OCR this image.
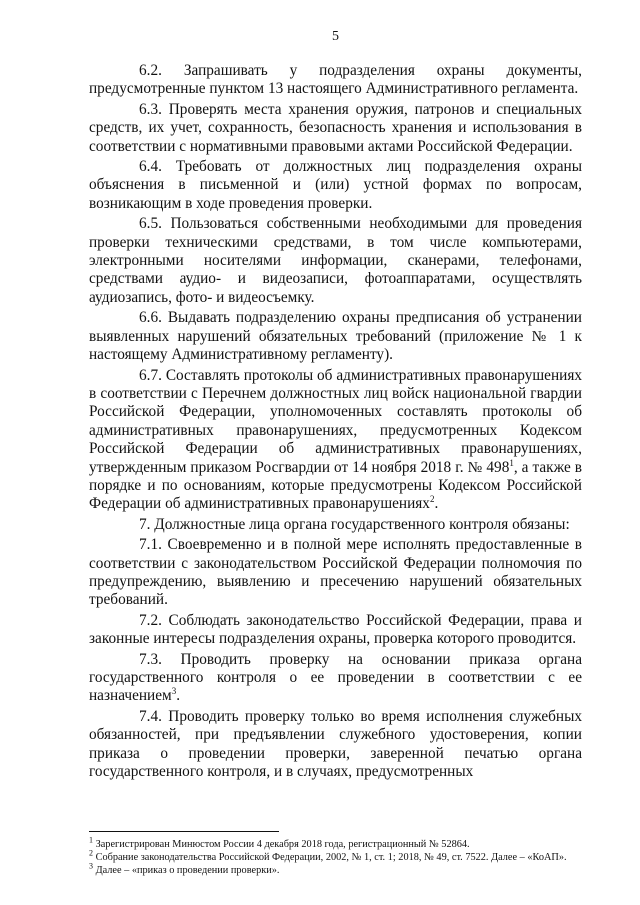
5

6.2. Запрашивать у подразделения охраны документы, предусмотренные пунктом 13 настоящего Административного регламента.

6.3. Проверять места хранения оружия, патронов и специальных средств, их учет, сохранность, безопасность хранения и использования в соответствии с нормативными правовыми актами Российской Федерации.

6.4. Требовать от должностных лиц подразделения охраны объяснения в письменной и (или) устной формах по вопросам, возникающим в ходе проведения проверки.

6.5. Пользоваться собственными необходимыми для проведения проверки техническими средствами, в том числе компьютерами, электронными носителями информации, сканерами, телефонами, средствами аудио- и видеозаписи, фотоаппаратами, осуществлять аудиозапись, фото- и видеосъемку.

6.6. Выдавать подразделению охраны предписания об устранении выявленных нарушений обязательных требований (приложение № 1 к настоящему Административному регламенту).

6.7. Составлять протоколы об административных правонарушениях в соответствии с Перечнем должностных лиц войск национальной гвардии Российской Федерации, уполномоченных составлять протоколы об административных правонарушениях, предусмотренных Кодексом Российской Федерации об административных правонарушениях, утвержденным приказом Росгвардии от 14 ноября 2018 г. № $498^1$, а также в порядке и по основаниям, которые предусмотрены Кодексом Российской Федерации об административных правонарушениях$^2$.

7. Должностные лица органа государственного контроля обязаны:

7.1. Своевременно и в полной мере исполнять предоставленные в соответствии с законодательством Российской Федерации полномочия по предупреждению, выявлению и пресечению нарушений обязательных требований.

7.2. Соблюдать законодательство Российской Федерации, права и законные интересы подразделения охраны, проверка которого проводится.

7.3. Проводить проверку на основании приказа органа государственного контроля о ее проведении в соответствии с ее назначением$^3$.

7.4. Проводить проверку только во время исполнения служебных обязанностей, при предъявлении служебного удостоверения, копии приказа о проведении проверки, заверенной печатью органа государственного контроля, и в случаях, предусмотренных

$^1$ Зарегистрирован Минюстом России 4 декабря 2018 года, регистрационный № 52864.

$^2$ Собрание законодательства Российской Федерации, 2002, № 1, ст. 1; 2018, № 49, ст. 7522. Далее – «КоАП».

$^3$ Далее – «приказ о проведении проверки».
